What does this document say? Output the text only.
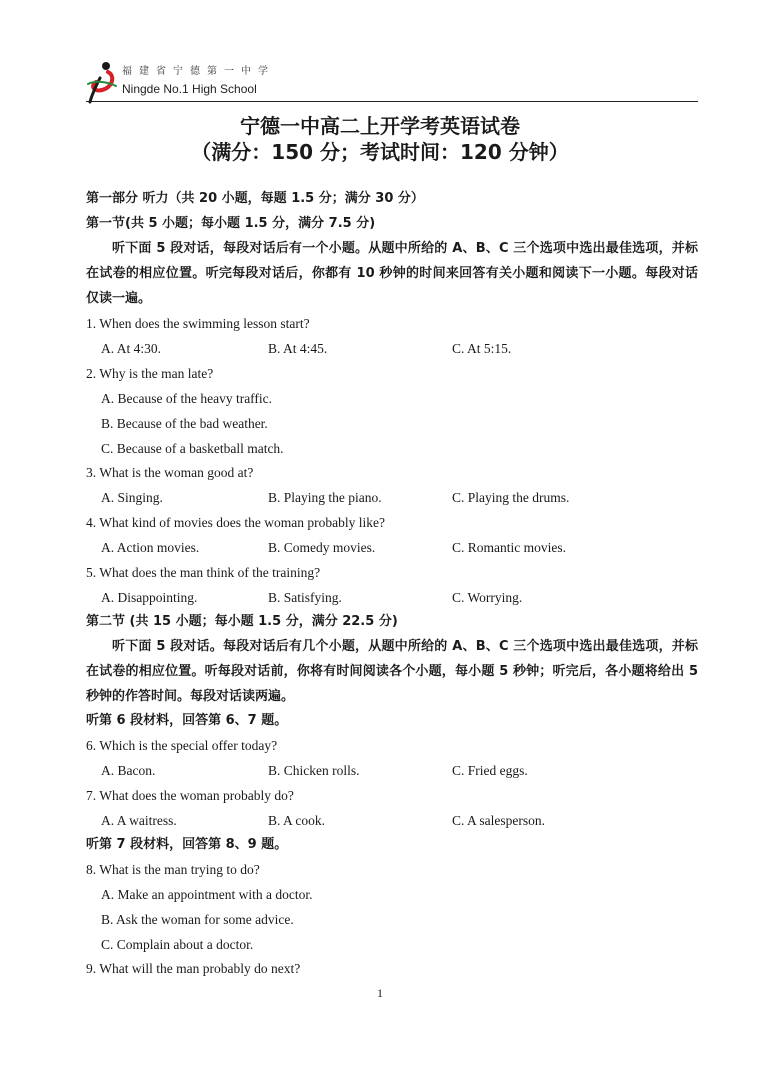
福建省宁德第一中学
Ningde No.1 High School
宁德一中高二上开学考英语试卷
（满分：150 分；考试时间：120 分钟）
第一部分 听力（共 20 小题，每题 1.5 分；满分 30 分）
第一节(共 5 小题；每小题 1.5 分，满分 7.5 分)
听下面 5 段对话，每段对话后有一个小题。从题中所给的 A、B、C 三个选项中选出最佳选项，并标在试卷的相应位置。听完每段对话后，你都有 10 秒钟的时间来回答有关小题和阅读下一小题。每段对话仅读一遍。
1. When does the swimming lesson start?
A. At 4:30.	B. At 4:45.	C. At 5:15.
2. Why is the man late?
A. Because of the heavy traffic.
B. Because of the bad weather.
C. Because of a basketball match.
3. What is the woman good at?
A. Singing.	B. Playing the piano.	C. Playing the drums.
4. What kind of movies does the woman probably like?
A. Action movies.	B. Comedy movies.	C. Romantic movies.
5. What does the man think of the training?
A. Disappointing.	B. Satisfying.	C. Worrying.
第二节 (共 15 小题；每小题 1.5 分，满分 22.5 分)
听下面 5 段对话。每段对话后有几个小题，从题中所给的 A、B、C 三个选项中选出最佳选项，并标在试卷的相应位置。听每段对话前，你将有时间阅读各个小题，每小题 5 秒钟；听完后，各小题将给出 5 秒钟的作答时间。每段对话读两遍。
听第 6 段材料，回答第 6、7 题。
6. Which is the special offer today?
A. Bacon.	B. Chicken rolls.	C. Fried eggs.
7. What does the woman probably do?
A. A waitress.	B. A cook.	C. A salesperson.
听第 7 段材料，回答第 8、9 题。
8. What is the man trying to do?
A. Make an appointment with a doctor.
B. Ask the woman for some advice.
C. Complain about a doctor.
9. What will the man probably do next?
1
